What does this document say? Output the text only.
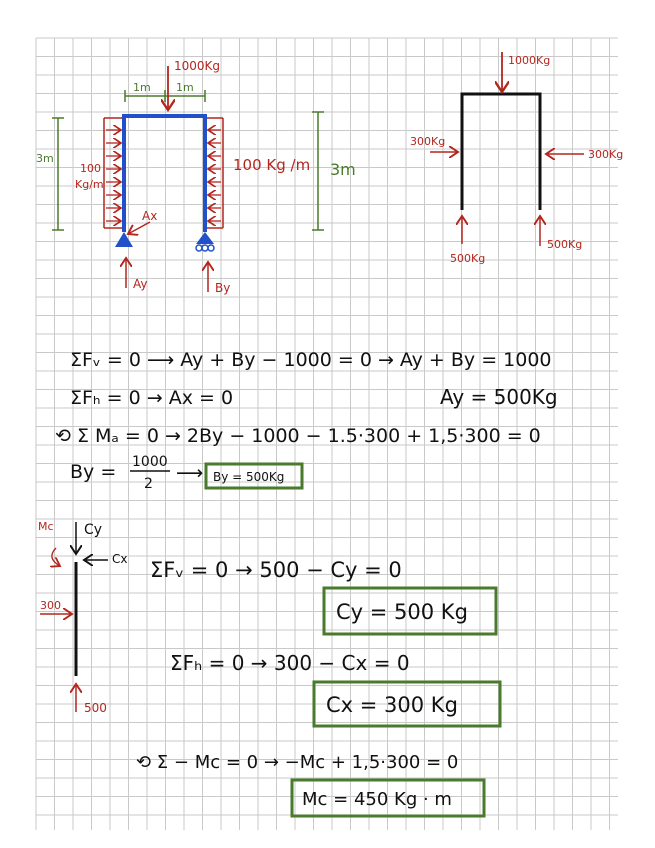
1m 1m
1000Kg
100
Kg/m
100 Kg /m
3m
3m
Ax
Ay	By
1000Kg
300Kg
300Kg
500Kg
500Kg
ΣFᵥ = 0 ⟶ Ay + By − 1000 = 0 → Ay + By = 1000
ΣFₕ = 0 → Ax = 0	Ay = 500Kg
⟲ Σ Mₐ = 0 → 2By − 1000 − 1.5·300 + 1,5·300 = 0
By = 1000
2 ⟶ By = 500Kg
Mc Cy
Cx
300
500
ΣFᵥ = 0 → 500 − Cy = 0
Cy = 500 Kg
ΣFₕ = 0 → 300 − Cx = 0
Cx = 300 Kg
⟲ Σ − Mc = 0 → −Mc + 1,5·300 = 0
Mc = 450 Kg · m
